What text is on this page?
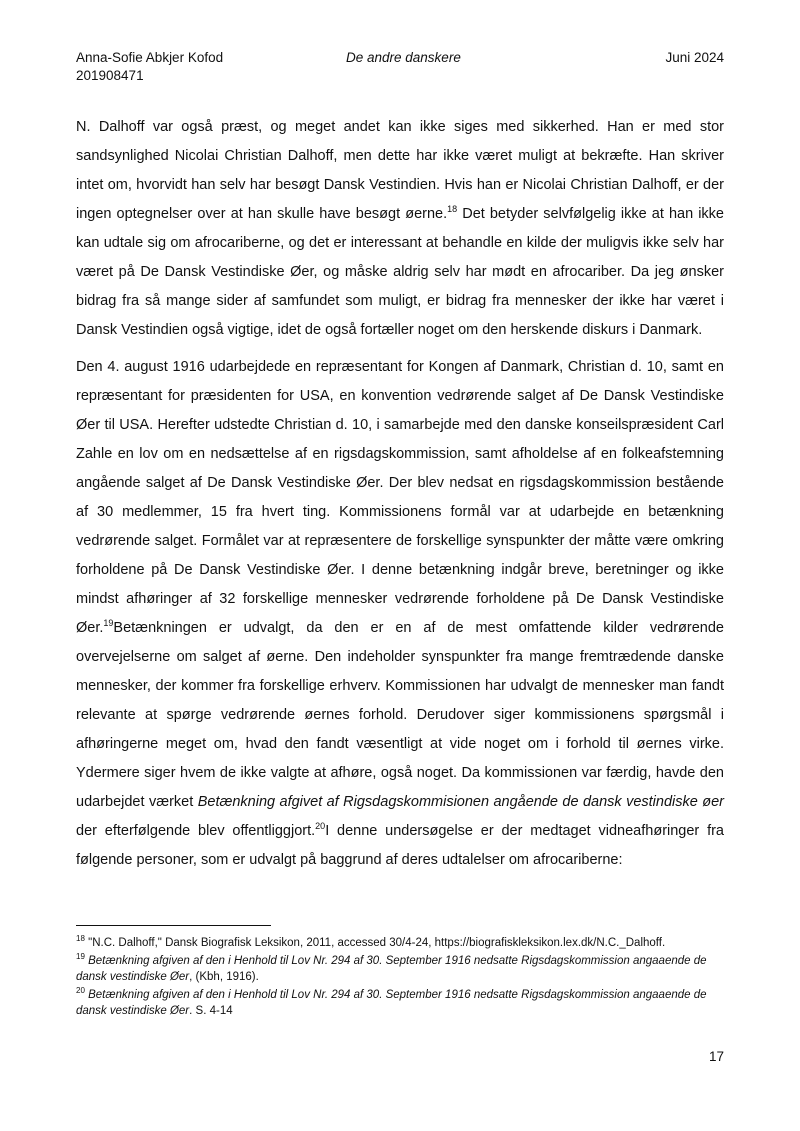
Anna-Sofie Abkjer Kofod
201908471
De andre danskere	Juni 2024

N. Dalhoff var også præst, og meget andet kan ikke siges med sikkerhed. Han er med stor sandsynlighed Nicolai Christian Dalhoff, men dette har ikke været muligt at bekræfte. Han skriver intet om, hvorvidt han selv har besøgt Dansk Vestindien. Hvis han er Nicolai Christian Dalhoff, er der ingen optegnelser over at han skulle have besøgt øerne.$^{18}$ Det betyder selvfølgelig ikke at han ikke kan udtale sig om afrocariberne, og det er interessant at behandle en kilde der muligvis ikke selv har været på De Dansk Vestindiske Øer, og måske aldrig selv har mødt en afrocariber. Da jeg ønsker bidrag fra så mange sider af samfundet som muligt, er bidrag fra mennesker der ikke har været i Dansk Vestindien også vigtige, idet de også fortæller noget om den herskende diskurs i Danmark.

Den 4. august 1916 udarbejdede en repræsentant for Kongen af Danmark, Christian d. 10, samt en repræsentant for præsidenten for USA, en konvention vedrørende salget af De Dansk Vestindiske Øer til USA. Herefter udstedte Christian d. 10, i samarbejde med den danske konseilspræsident Carl Zahle en lov om en nedsættelse af en rigsdagskommission, samt afholdelse af en folkeafstemning angående salget af De Dansk Vestindiske Øer. Der blev nedsat en rigsdagskommission bestående af 30 medlemmer, 15 fra hvert ting. Kommissionens formål var at udarbejde en betænkning vedrørende salget. Formålet var at repræsentere de forskellige synspunkter der måtte være omkring forholdene på De Dansk Vestindiske Øer. I denne betænkning indgår breve, beretninger og ikke mindst afhøringer af 32 forskellige mennesker vedrørende forholdene på De Dansk Vestindiske Øer.$^{19}$Betænkningen er udvalgt, da den er en af de mest omfattende kilder vedrørende overvejelserne om salget af øerne. Den indeholder synspunkter fra mange fremtrædende danske mennesker, der kommer fra forskellige erhverv. Kommissionen har udvalgt de mennesker man fandt relevante at spørge vedrørende øernes forhold. Derudover siger kommissionens spørgsmål i afhøringerne meget om, hvad den fandt væsentligt at vide noget om i forhold til øernes virke. Ydermere siger hvem de ikke valgte at afhøre, også noget. Da kommissionen var færdig, havde den udarbejdet værket Betænkning afgivet af Rigsdagskommisionen angående de dansk vestindiske øer der efterfølgende blev offentliggjort.$^{20}$I denne undersøgelse er der medtaget vidneafhøringer fra følgende personer, som er udvalgt på baggrund af deres udtalelser om afrocariberne:

$^{18}$ "N.C. Dalhoff," Dansk Biografisk Leksikon, 2011, accessed 30/4-24, https://biografiskleksikon.lex.dk/N.C._Dalhoff.
$^{19}$ Betænkning afgiven af den i Henhold til Lov Nr. 294 af 30. September 1916 nedsatte Rigsdagskommission angaaende de dansk vestindiske Øer, (Kbh, 1916).
$^{20}$ Betænkning afgiven af den i Henhold til Lov Nr. 294 af 30. September 1916 nedsatte Rigsdagskommission angaaende de dansk vestindiske Øer. S. 4-14
17
